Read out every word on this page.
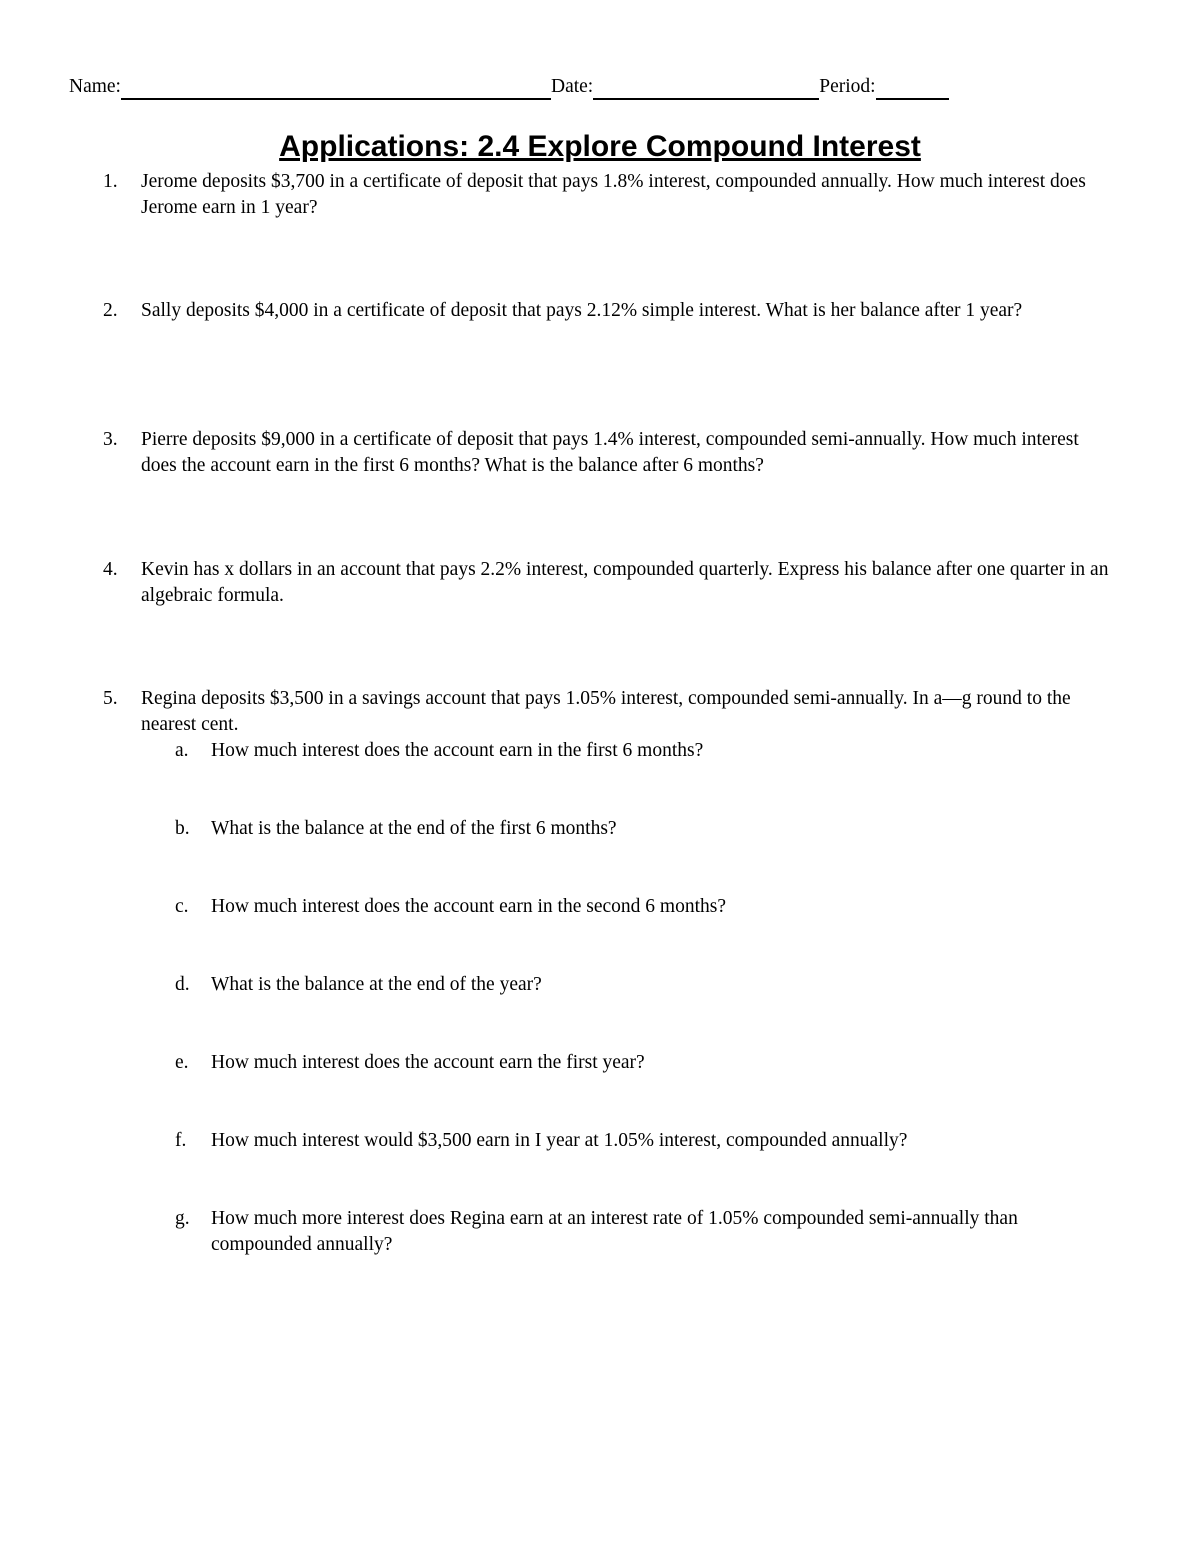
Name:	Date:	Period:
Applications: 2.4 Explore Compound Interest
1.	Jerome deposits $3,700 in a certificate of deposit that pays 1.8% interest, compounded annually. How much interest does Jerome earn in 1 year?
2.	Sally deposits $4,000 in a certificate of deposit that pays 2.12% simple interest. What is her balance after 1 year?
3.	Pierre deposits $9,000 in a certificate of deposit that pays 1.4% interest, compounded semi-annually. How much interest does the account earn in the first 6 months? What is the balance after 6 months?
4.	Kevin has x dollars in an account that pays 2.2% interest, compounded quarterly. Express his balance after one quarter in an algebraic formula.
5.	Regina deposits $3,500 in a savings account that pays 1.05% interest, compounded semi-annually. In a—g round to the nearest cent.
a.	How much interest does the account earn in the first 6 months?
b.	What is the balance at the end of the first 6 months?
c.	How much interest does the account earn in the second 6 months?
d.	What is the balance at the end of the year?
e.	How much interest does the account earn the first year?
f.	How much interest would $3,500 earn in I year at 1.05% interest, compounded annually?
g.	How much more interest does Regina earn at an interest rate of 1.05% compounded semi-annually than compounded annually?
